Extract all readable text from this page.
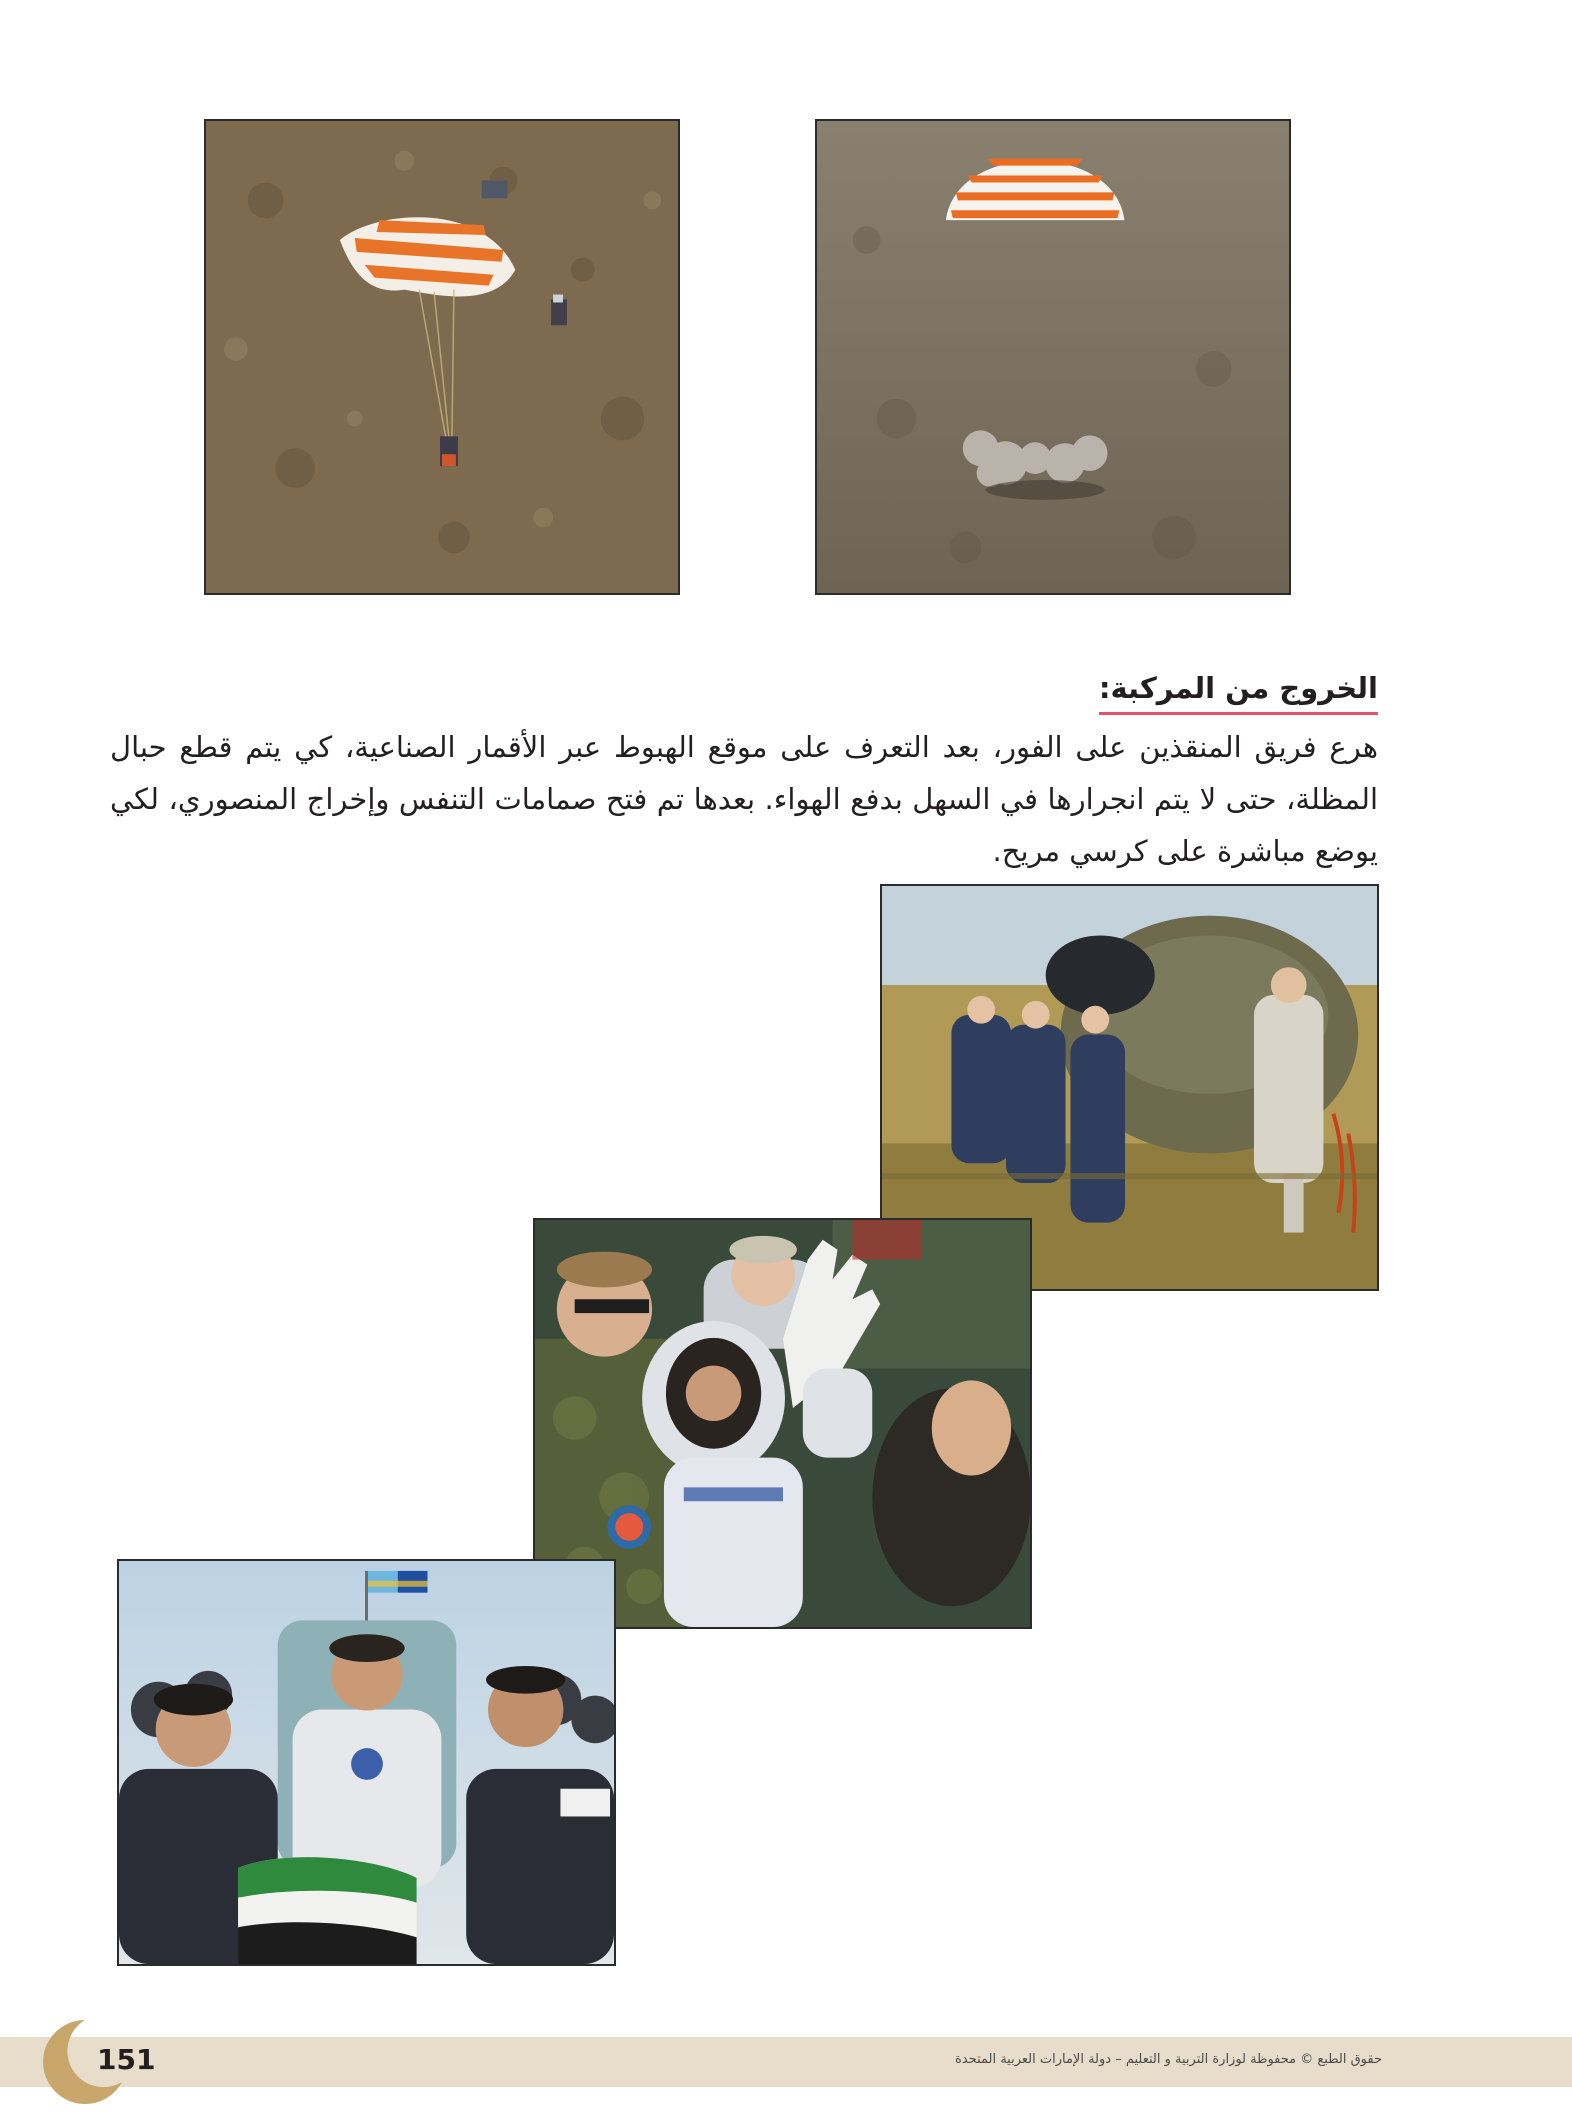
الخروج من المركبة:

هرع فريق المنقذين على الفور، بعد التعرف على موقع الهبوط عبر الأقمار الصناعية، كي يتم قطع حبال المظلة، حتى لا يتم انجرارها في السهل بدفع الهواء. بعدها تم فتح صمامات التنفس وإخراج المنصوري، لكي يوضع مباشرة على كرسي مريح.

151	حقوق الطبع © محفوظة لوزارة التربية و التعليم – دولة الإمارات العربية المتحدة
